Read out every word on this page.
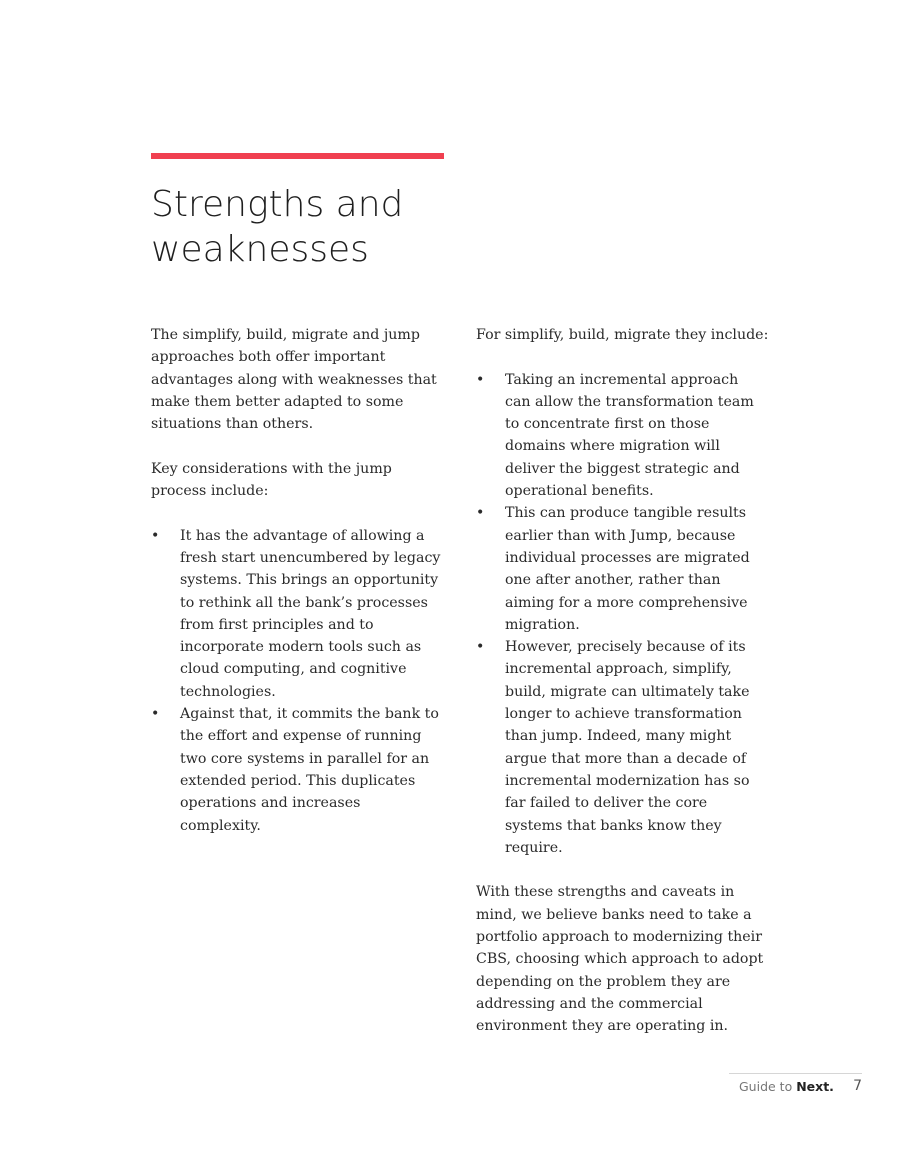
Strengths and
weaknesses

The simplify, build, migrate and jump approaches both offer important advantages along with weaknesses that make them better adapted to some situations than others.

Key considerations with the jump process include:

•	It has the advantage of allowing a fresh start unencumbered by legacy systems. This brings an opportunity to rethink all the bank’s processes from first principles and to incorporate modern tools such as cloud computing, and cognitive technologies.
•	Against that, it commits the bank to the effort and expense of running two core systems in parallel for an extended period. This duplicates operations and increases complexity.

For simplify, build, migrate they include:

•	Taking an incremental approach can allow the transformation team to concentrate first on those domains where migration will deliver the biggest strategic and operational benefits.
•	This can produce tangible results earlier than with Jump, because individual processes are migrated one after another, rather than aiming for a more comprehensive migration.
•	However, precisely because of its incremental approach, simplify, build, migrate can ultimately take longer to achieve transformation than jump. Indeed, many might argue that more than a decade of incremental modernization has so far failed to deliver the core systems that banks know they require.

With these strengths and caveats in mind, we believe banks need to take a portfolio approach to modernizing their CBS, choosing which approach to adopt depending on the problem they are addressing and the commercial environment they are operating in.

Guide to Next. 7
